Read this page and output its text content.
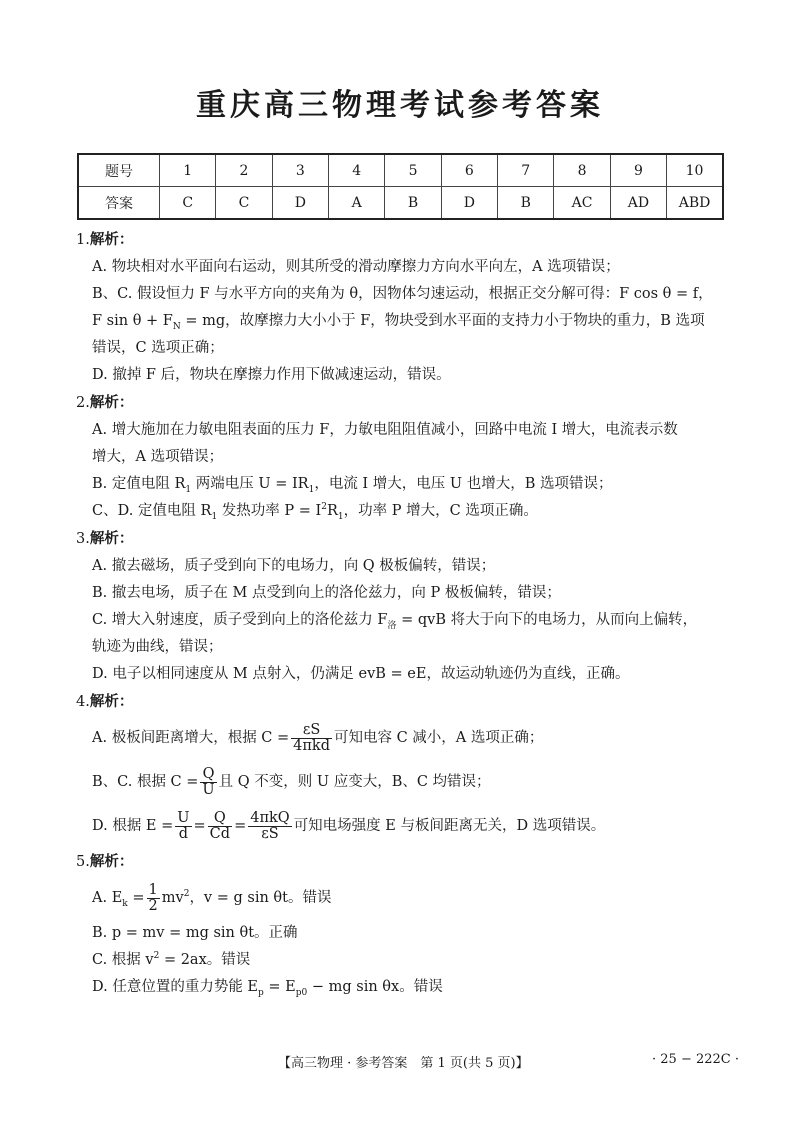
重庆高三物理考试参考答案
题号	1	2	3	4	5	6	7	8	9	10
答案	C	C	D	A	B	D	B	AC	AD	ABD
1.解析：
A. 物块相对水平面向右运动，则其所受的滑动摩擦力方向水平向左，A 选项错误；
B、C. 假设恒力 F 与水平方向的夹角为 θ，因物体匀速运动，根据正交分解可得：F cos θ = f，
F $\sin \theta + F_N$ = mg，故摩擦力大小小于 F，物块受到水平面的支持力小于物块的重力，B 选项
错误，C 选项正确；
D. 撤掉 F 后，物块在摩擦力作用下做减速运动，错误。
2.解析：
A. 增大施加在力敏电阻表面的压力 F，力敏电阻阻值减小，回路中电流 I 增大，电流表示数
增大，A 选项错误；
B. 定值电阻 $R_1$ 两端电压 $U = IR_1$，电流 I 增大，电压 U 也增大，B 选项错误；
C、D. 定值电阻 $R_1$ 发热功率 $P = I^2R_1$，功率 P 增大，C 选项正确。
3.解析：
A. 撤去磁场，质子受到向下的电场力，向 Q 极板偏转，错误；
B. 撤去电场，质子在 M 点受到向上的洛伦兹力，向 P 极板偏转，错误；
C. 增大入射速度，质子受到向上的洛伦兹力 $F_洛$ = qvB 将大于向下的电场力，从而向上偏转，
轨迹为曲线，错误；
D. 电子以相同速度从 M 点射入，仍满足 evB = eE，故运动轨迹仍为直线，正确。
4.解析：
A. 极板间距离增大，根据 $C = \frac{\varepsilon S}{\text{4πkd}}$ 可知电容 C 减小，A 选项正确；
B、C. 根据 $C = \frac{Q}{U}$ 且 Q 不变，则 U 应变大，B、C 均错误；
D. 根据 $E = \frac{U}{d} = \frac{Q}{Cd} = \frac{\text{4πkQ}}{\varepsilon S}$ 可知电场强度 E 与板间距离无关，D 选项错误。
5.解析：
A. $E_k = \frac{1}{2} mv^2$，v = g sin θt。错误
B. p = mv = mg sin θt。正确
C. 根据 $v^2 = 2ax$。错误
D. 任意位置的重力势能 $E_p = E_{p0}$ − mg sin θx。错误
【高三物理 · 参考答案　第 1 页(共 5 页)】	· 25 − 222C ·
